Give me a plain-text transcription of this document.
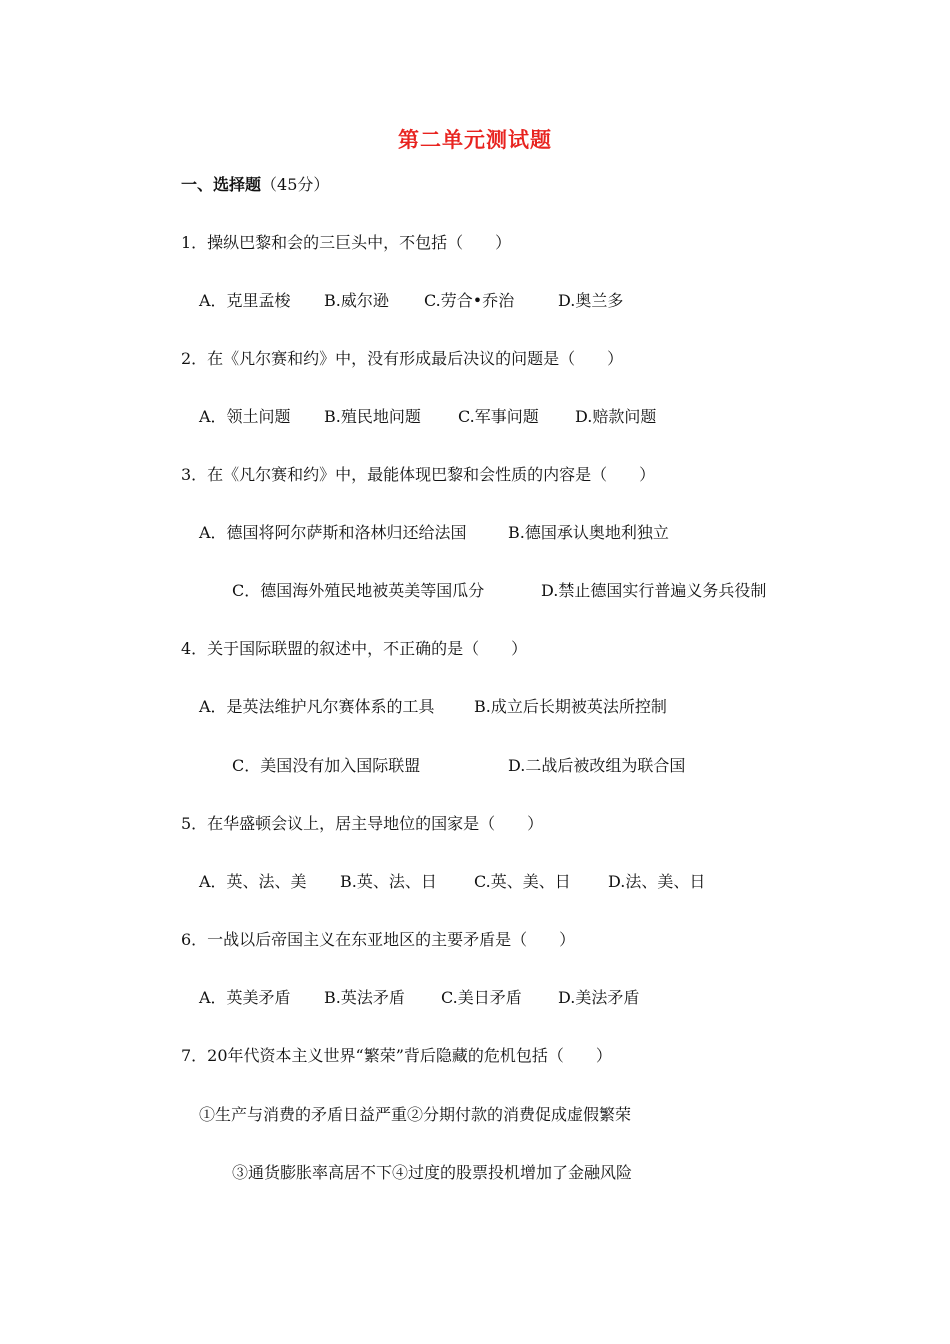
第二单元测试题
一、选择题（45分）
1．操纵巴黎和会的三巨头中，不包括（　　）
A．克里孟梭 B.威尔逊 C.劳合•乔治	D.奥兰多
2．在《凡尔赛和约》中，没有形成最后决议的问题是（　　）
A．领土问题 B.殖民地问题 C.军事问题 D.赔款问题
3．在《凡尔赛和约》中，最能体现巴黎和会性质的内容是（　　）
A．德国将阿尔萨斯和洛林归还给法国	B.德国承认奥地利独立
C．德国海外殖民地被英美等国瓜分	D.禁止德国实行普遍义务兵役制
4．关于国际联盟的叙述中，不正确的是（　　）
A．是英法维护凡尔赛体系的工具 B.成立后长期被英法所控制
C．美国没有加入国际联盟	D.二战后被改组为联合国
5．在华盛顿会议上，居主导地位的国家是（　　）
A．英、法、美 B.英、法、日 C.英、美、日 D.法、美、日
6．一战以后帝国主义在东亚地区的主要矛盾是（　　）
A．英美矛盾 B.英法矛盾 C.美日矛盾 D.美法矛盾
7．20年代资本主义世界“繁荣”背后隐藏的危机包括（　　）
①生产与消费的矛盾日益严重②分期付款的消费促成虚假繁荣
③通货膨胀率高居不下④过度的股票投机增加了金融风险
